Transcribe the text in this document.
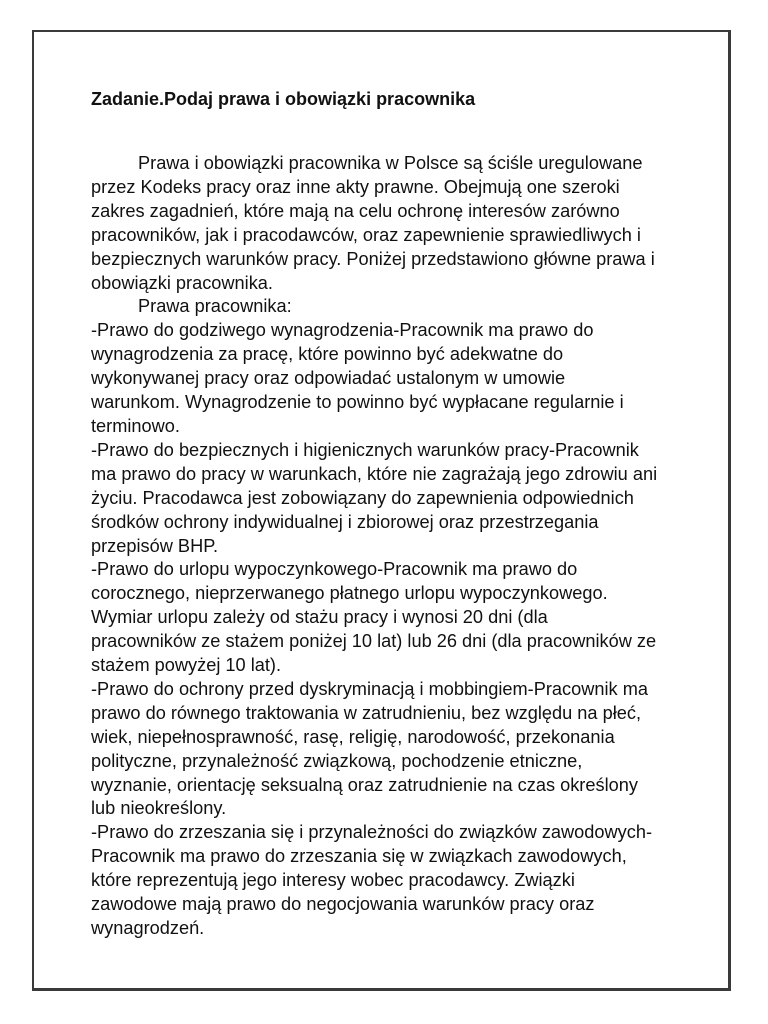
Zadanie.Podaj prawa i obowiązki pracownika

Prawa i obowiązki pracownika w Polsce są ściśle uregulowane
przez Kodeks pracy oraz inne akty prawne. Obejmują one szeroki
zakres zagadnień, które mają na celu ochronę interesów zarówno
pracowników, jak i pracodawców, oraz zapewnienie sprawiedliwych i
bezpiecznych warunków pracy. Poniżej przedstawiono główne prawa i
obowiązki pracownika.

Prawa pracownika:

-Prawo do godziwego wynagrodzenia-Pracownik ma prawo do
wynagrodzenia za pracę, które powinno być adekwatne do
wykonywanej pracy oraz odpowiadać ustalonym w umowie
warunkom. Wynagrodzenie to powinno być wypłacane regularnie i
terminowo.

-Prawo do bezpiecznych i higienicznych warunków pracy-Pracownik
ma prawo do pracy w warunkach, które nie zagrażają jego zdrowiu ani
życiu. Pracodawca jest zobowiązany do zapewnienia odpowiednich
środków ochrony indywidualnej i zbiorowej oraz przestrzegania
przepisów BHP.

-Prawo do urlopu wypoczynkowego-Pracownik ma prawo do
corocznego, nieprzerwanego płatnego urlopu wypoczynkowego.
Wymiar urlopu zależy od stażu pracy i wynosi 20 dni (dla
pracowników ze stażem poniżej 10 lat) lub 26 dni (dla pracowników ze
stażem powyżej 10 lat).

-Prawo do ochrony przed dyskryminacją i mobbingiem-Pracownik ma
prawo do równego traktowania w zatrudnieniu, bez względu na płeć,
wiek, niepełnosprawność, rasę, religię, narodowość, przekonania
polityczne, przynależność związkową, pochodzenie etniczne,
wyznanie, orientację seksualną oraz zatrudnienie na czas określony
lub nieokreślony.

-Prawo do zrzeszania się i przynależności do związków zawodowych-
Pracownik ma prawo do zrzeszania się w związkach zawodowych,
które reprezentują jego interesy wobec pracodawcy. Związki
zawodowe mają prawo do negocjowania warunków pracy oraz
wynagrodzeń.
